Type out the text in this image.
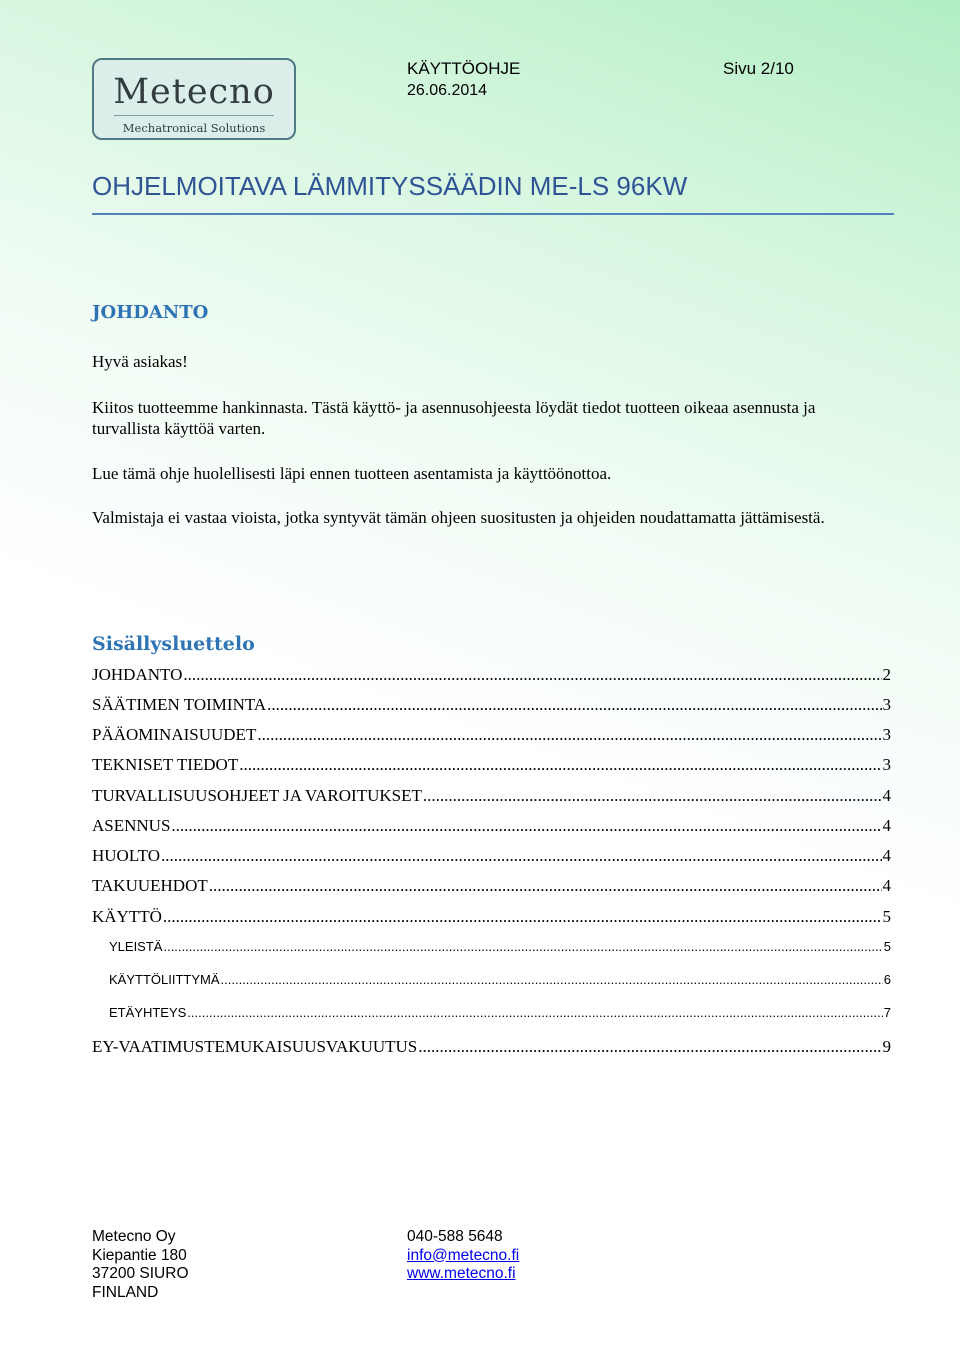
Metecno
Mechatronical Solutions
KÄYTTÖOHJE
26.06.2014
Sivu 2/10
OHJELMOITAVA LÄMMITYSSÄÄDIN ME-LS 96KW
JOHDANTO
Hyvä asiakas!
Kiitos tuotteemme hankinnasta. Tästä käyttö- ja asennusohjeesta löydät tiedot tuotteen oikeaa asennusta ja turvallista käyttöä varten.
Lue tämä ohje huolellisesti läpi ennen tuotteen asentamista ja käyttöönottoa.
Valmistaja ei vastaa vioista, jotka syntyvät tämän ohjeen suositusten ja ohjeiden noudattamatta jättämisestä.
Sisällysluettelo
JOHDANTO .....	2
SÄÄTIMEN TOIMINTA .....	3
PÄÄOMINAISUUDET .....	3
TEKNISET TIEDOT .....	3
TURVALLISUUSOHJEET JA VAROITUKSET .....	4
ASENNUS .....	4
HUOLTO .....	4
TAKUUEHDOT .....	4
KÄYTTÖ .....	5
YLEISTÄ .....	5
KÄYTTÖLIITTYMÄ .....	6
ETÄYHTEYS .....	7
EY-VAATIMUSTEMUKAISUUSVAKUUTUS .....	9
Metecno Oy
Kiepantie 180
37200 SIURO
FINLAND
040-588 5648
info@metecno.fi
www.metecno.fi
